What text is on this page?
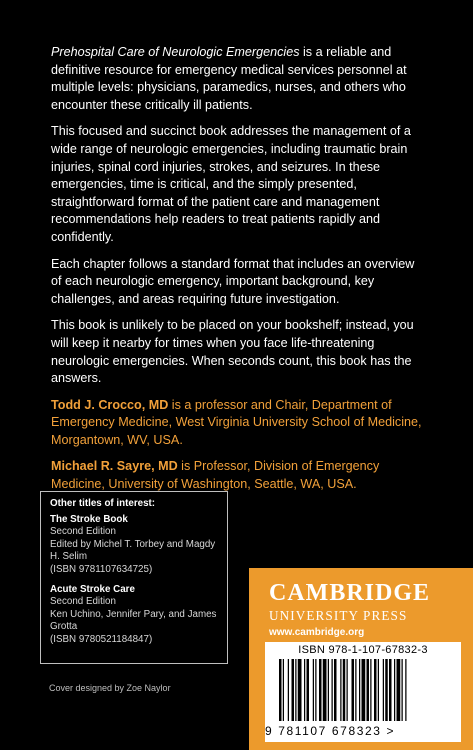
Prehospital Care of Neurologic Emergencies is a reliable and definitive resource for emergency medical services personnel at multiple levels: physicians, paramedics, nurses, and others who encounter these critically ill patients.

This focused and succinct book addresses the management of a wide range of neurologic emergencies, including traumatic brain injuries, spinal cord injuries, strokes, and seizures. In these emergencies, time is critical, and the simply presented, straightforward format of the patient care and management recommendations help readers to treat patients rapidly and confidently.

Each chapter follows a standard format that includes an overview of each neurologic emergency, important background, key challenges, and areas requiring future investigation.

This book is unlikely to be placed on your bookshelf; instead, you will keep it nearby for times when you face life-threatening neurologic emergencies. When seconds count, this book has the answers.

Todd J. Crocco, MD is a professor and Chair, Department of Emergency Medicine, West Virginia University School of Medicine, Morgantown, WV, USA.

Michael R. Sayre, MD is Professor, Division of Emergency Medicine, University of Washington, Seattle, WA, USA.

Other titles of interest:
The Stroke Book
Second Edition
Edited by Michel T. Torbey and Magdy H. Selim
(ISBN 9781107634725)
Acute Stroke Care
Second Edition
Ken Uchino, Jennifer Pary, and James Grotta
(ISBN 9780521184847)
Cover designed by Zoe Naylor
CAMBRIDGE
UNIVERSITY PRESS
www.cambridge.org
ISBN 978-1-107-67832-3
9 781107 678323 >
